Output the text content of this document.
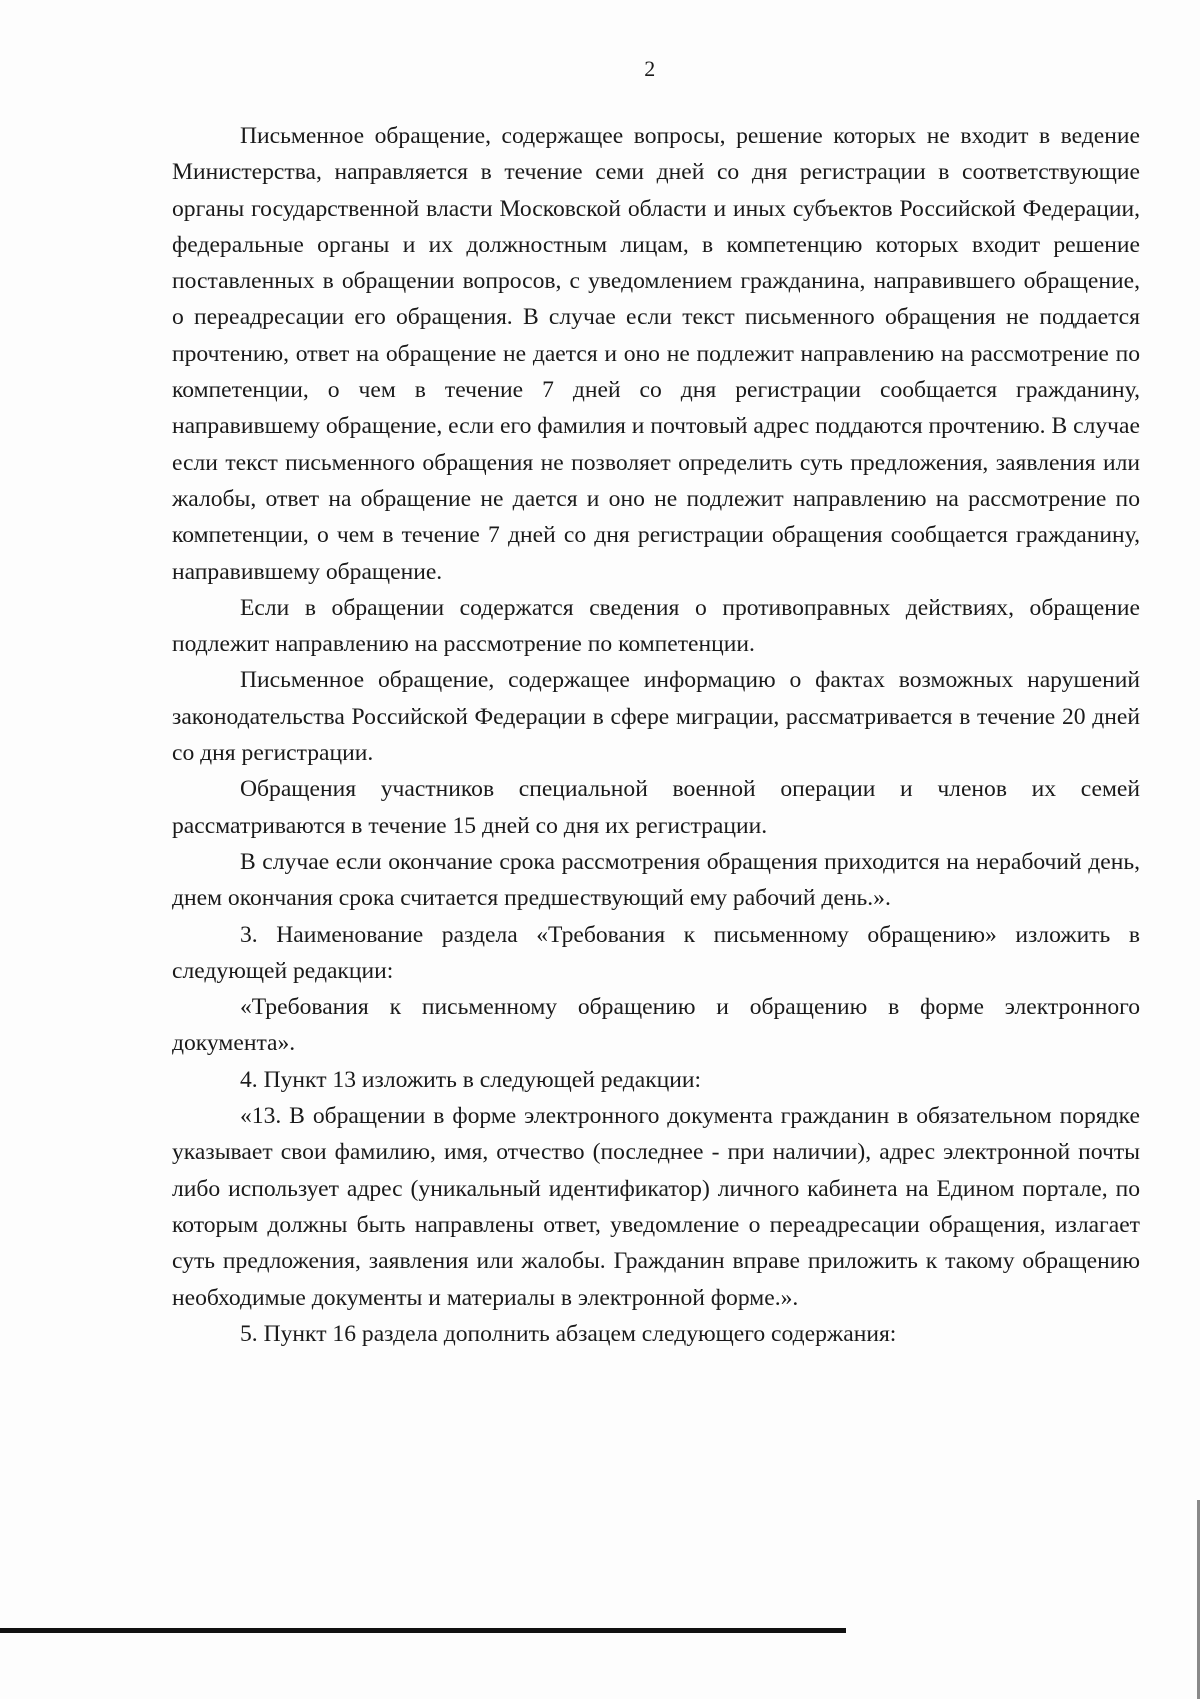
2

Письменное обращение, содержащее вопросы, решение которых не входит в ведение Министерства, направляется в течение семи дней со дня регистрации в соответствующие органы государственной власти Московской области и иных субъектов Российской Федерации, федеральные органы и их должностным лицам, в компетенцию которых входит решение поставленных в обращении вопросов, с уведомлением гражданина, направившего обращение, о переадресации его обращения. В случае если текст письменного обращения не поддается прочтению, ответ на обращение не дается и оно не подлежит направлению на рассмотрение по компетенции, о чем в течение 7 дней со дня регистрации сообщается гражданину, направившему обращение, если его фамилия и почтовый адрес поддаются прочтению. В случае если текст письменного обращения не позволяет определить суть предложения, заявления или жалобы, ответ на обращение не дается и оно не подлежит направлению на рассмотрение по компетенции, о чем в течение 7 дней со дня регистрации обращения сообщается гражданину, направившему обращение.

Если в обращении содержатся сведения о противоправных действиях, обращение подлежит направлению на рассмотрение по компетенции.

Письменное обращение, содержащее информацию о фактах возможных нарушений законодательства Российской Федерации в сфере миграции, рассматривается в течение 20 дней со дня регистрации.

Обращения участников специальной военной операции и членов их семей рассматриваются в течение 15 дней со дня их регистрации.

В случае если окончание срока рассмотрения обращения приходится на нерабочий день, днем окончания срока считается предшествующий ему рабочий день.».

3. Наименование раздела «Требования к письменному обращению» изложить в следующей редакции:

«Требования к письменному обращению и обращению в форме электронного документа».

4. Пункт 13 изложить в следующей редакции:

«13. В обращении в форме электронного документа гражданин в обязательном порядке указывает свои фамилию, имя, отчество (последнее - при наличии), адрес электронной почты либо использует адрес (уникальный идентификатор) личного кабинета на Едином портале, по которым должны быть направлены ответ, уведомление о переадресации обращения, излагает суть предложения, заявления или жалобы. Гражданин вправе приложить к такому обращению необходимые документы и материалы в электронной форме.».

5. Пункт 16 раздела дополнить абзацем следующего содержания:
